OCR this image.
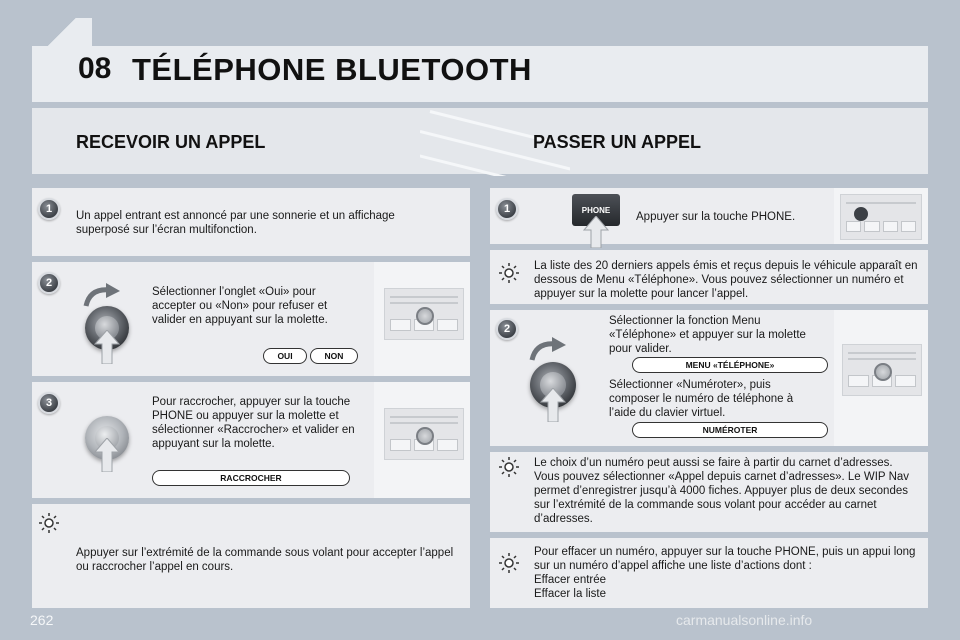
08 TÉLÉPHONE BLUETOOTH
RECEVOIR UN APPEL	PASSER UN APPEL
1
Un appel entrant est annoncé par une sonnerie et un affichage superposé sur l’écran multifonction.
2
Sélectionner l’onglet «Oui» pour accepter ou «Non» pour refuser et valider en appuyant sur la molette.
OUI	NON
3	Pour raccrocher, appuyer sur la touche PHONE ou appuyer sur la molette et sélectionner «Raccrocher» et valider en appuyant sur la molette.
RACCROCHER
Appuyer sur l’extrémité de la commande sous volant pour accepter l’appel ou raccrocher l’appel en cours.
1	PHONE
Appuyer sur la touche PHONE.
La liste des 20 derniers appels émis et reçus depuis le véhicule apparaît en dessous de Menu «Téléphone». Vous pouvez sélectionner un numéro et appuyer sur la molette pour lancer l’appel.
2
Sélectionner la fonction Menu «Téléphone» et appuyer sur la molette pour valider.
MENU «TÉLÉPHONE»
Sélectionner «Numéroter», puis composer le numéro de téléphone à l’aide du clavier virtuel.
NUMÉROTER
Le choix d’un numéro peut aussi se faire à partir du carnet d’adresses. Vous pouvez sélectionner «Appel depuis carnet d’adresses». Le WIP Nav permet d’enregistrer jusqu’à 4000 fiches. Appuyer plus de deux secondes sur l’extrémité de la commande sous volant pour accéder au carnet d’adresses.
Pour effacer un numéro, appuyer sur la touche PHONE, puis un appui long sur un numéro d’appel affiche une liste d’actions dont :
Effacer entrée
Effacer la liste
262	carmanualsonline.info
